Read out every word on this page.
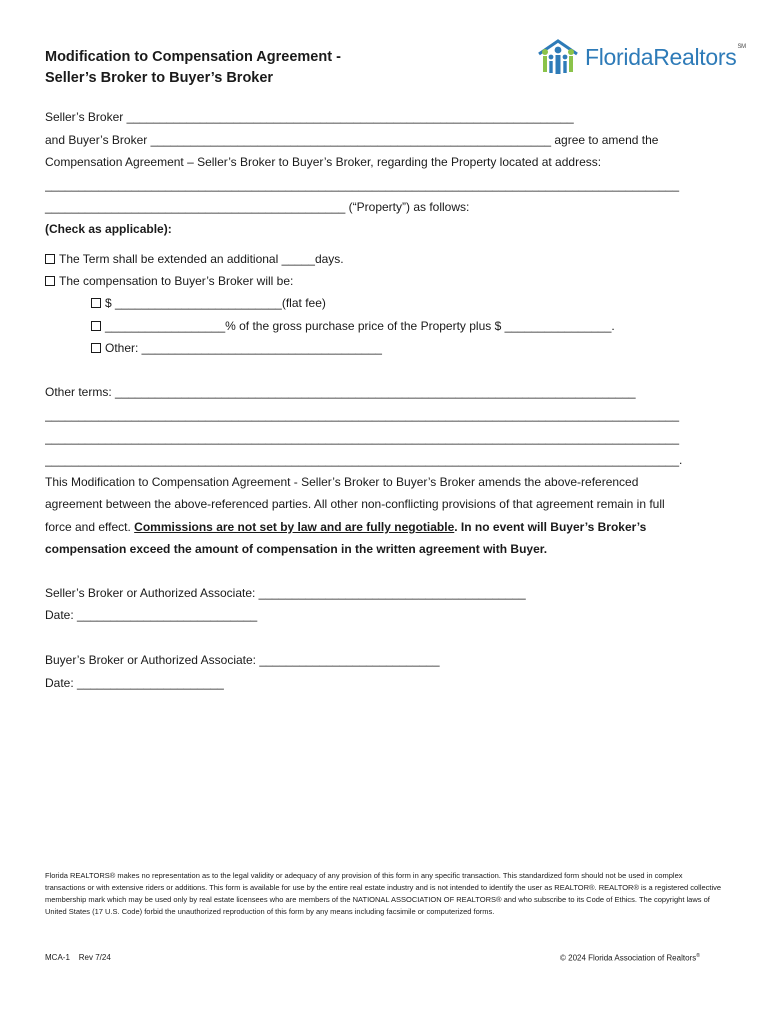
Modification to Compensation Agreement -
Seller’s Broker to Buyer’s Broker
FloridaRealtors℠
Seller’s Broker ___________________________________________________________________
and Buyer’s Broker ____________________________________________________________ agree to amend the
Compensation Agreement – Seller’s Broker to Buyer’s Broker, regarding the Property located at address:
_______________________________________________________________________________________________
_____________________________________________ (“Property”) as follows:
(Check as applicable):
The Term shall be extended an additional _____days.
The compensation to Buyer’s Broker will be:
$ _________________________(flat fee)
__________________% of the gross purchase price of the Property plus $ ________________.
Other: ____________________________________
Other terms: ______________________________________________________________________________
_______________________________________________________________________________________________
_______________________________________________________________________________________________
_______________________________________________________________________________________________.
This Modification to Compensation Agreement - Seller’s Broker to Buyer’s Broker amends the above-referenced
agreement between the above-referenced parties. All other non-conflicting provisions of that agreement remain in full
force and effect. Commissions are not set by law and are fully negotiable. In no event will Buyer’s Broker’s
compensation exceed the amount of compensation in the written agreement with Buyer.
Seller’s Broker or Authorized Associate: ________________________________________
Date: ___________________________
Buyer’s Broker or Authorized Associate: ___________________________
Date: ______________________
Florida REALTORS® makes no representation as to the legal validity or adequacy of any provision of this form in any specific transaction. This standardized form should not be used in complex transactions or with extensive riders or additions. This form is available for use by the entire real estate industry and is not intended to identify the user as REALTOR®. REALTOR® is a registered collective membership mark which may be used only by real estate licensees who are members of the NATIONAL ASSOCIATION OF REALTORS® and who subscribe to its Code of Ethics. The copyright laws of United States (17 U.S. Code) forbid the unauthorized reproduction of this form by any means including facsimile or computerized forms.
MCA-1 Rev 7/24	© 2024 Florida Association of Realtors®
